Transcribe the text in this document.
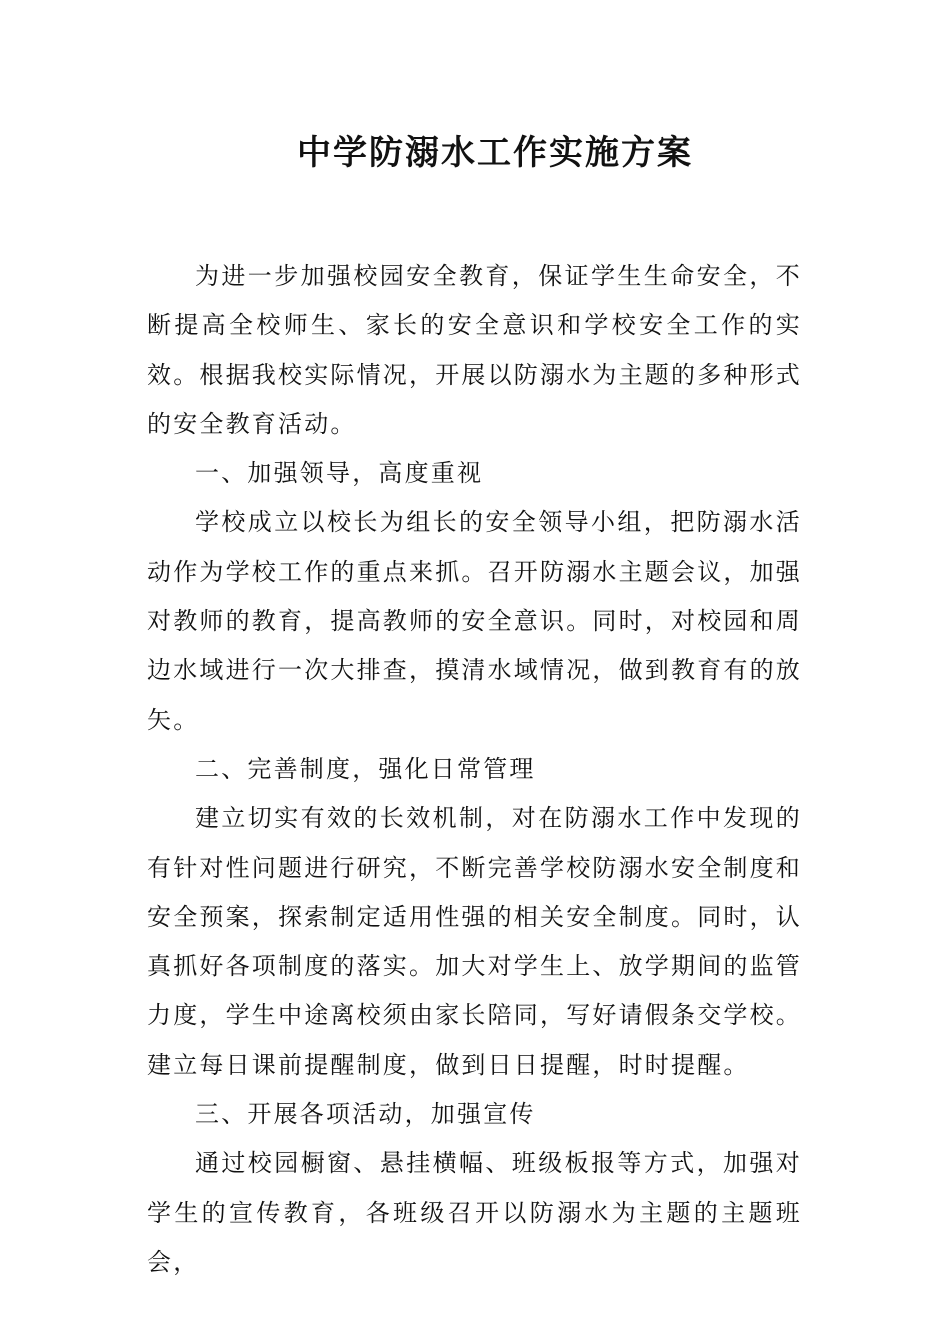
中学防溺水工作实施方案

为进一步加强校园安全教育，保证学生生命安全，不断提高全校师生、家长的安全意识和学校安全工作的实效。根据我校实际情况，开展以防溺水为主题的多种形式的安全教育活动。

一、加强领导，高度重视

学校成立以校长为组长的安全领导小组，把防溺水活动作为学校工作的重点来抓。召开防溺水主题会议，加强对教师的教育，提高教师的安全意识。同时，对校园和周边水域进行一次大排查，摸清水域情况，做到教育有的放矢。

二、完善制度，强化日常管理

建立切实有效的长效机制，对在防溺水工作中发现的有针对性问题进行研究，不断完善学校防溺水安全制度和安全预案，探索制定适用性强的相关安全制度。同时，认真抓好各项制度的落实。加大对学生上、放学期间的监管力度，学生中途离校须由家长陪同，写好请假条交学校。建立每日课前提醒制度，做到日日提醒，时时提醒。

三、开展各项活动，加强宣传

通过校园橱窗、悬挂横幅、班级板报等方式，加强对学生的宣传教育，各班级召开以防溺水为主题的主题班会，
